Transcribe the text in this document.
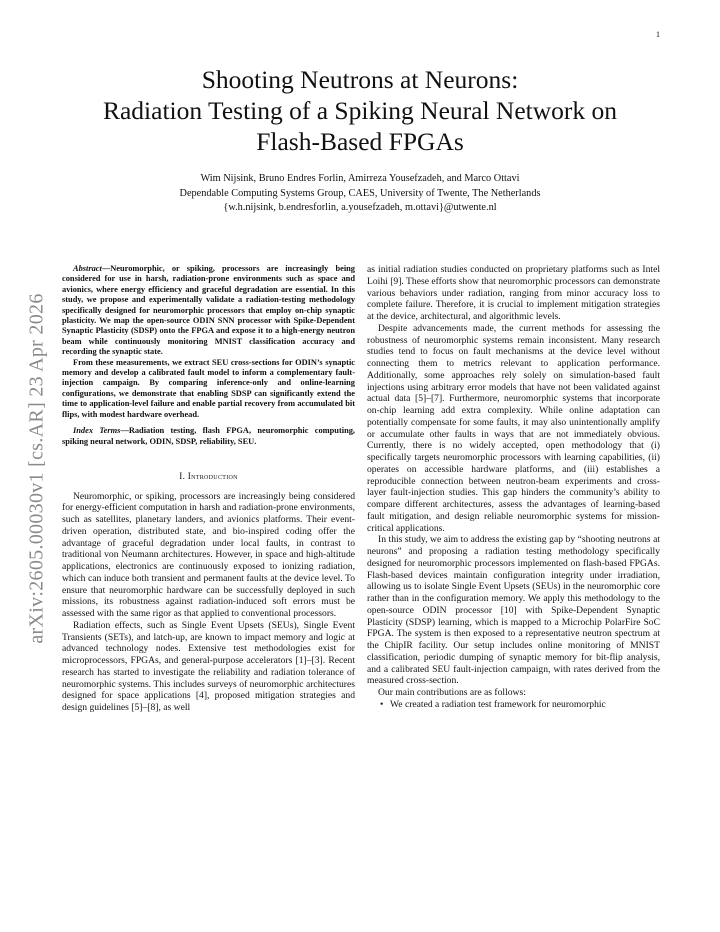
1
arXiv:2605.00030v1 [cs.AR] 23 Apr 2026
Shooting Neutrons at Neurons:
Radiation Testing of a Spiking Neural Network on
Flash-Based FPGAs
Wim Nijsink, Bruno Endres Forlin, Amirreza Yousefzadeh, and Marco Ottavi
Dependable Computing Systems Group, CAES, University of Twente, The Netherlands
{w.h.nijsink, b.endresforlin, a.yousefzadeh, m.ottavi}@utwente.nl

Abstract—Neuromorphic, or spiking, processors are increasingly being considered for use in harsh, radiation-prone environments such as space and avionics, where energy efficiency and graceful degradation are essential. In this study, we propose and experimentally validate a radiation-testing methodology specifically designed for neuromorphic processors that employ on-chip synaptic plasticity. We map the open-source ODIN SNN processor with Spike-Dependent Synaptic Plasticity (SDSP) onto the FPGA and expose it to a high-energy neutron beam while continuously monitoring MNIST classification accuracy and recording the synaptic state.

From these measurements, we extract SEU cross-sections for ODIN’s synaptic memory and develop a calibrated fault model to inform a complementary fault-injection campaign. By comparing inference-only and online-learning configurations, we demonstrate that enabling SDSP can significantly extend the time to application-level failure and enable partial recovery from accumulated bit flips, with modest hardware overhead.

Index Terms—Radiation testing, flash FPGA, neuromorphic computing, spiking neural network, ODIN, SDSP, reliability, SEU.

I. Introduction

Neuromorphic, or spiking, processors are increasingly being considered for energy-efficient computation in harsh and radiation-prone environments, such as satellites, planetary landers, and avionics platforms. Their event-driven operation, distributed state, and bio-inspired coding offer the advantage of graceful degradation under local faults, in contrast to traditional von Neumann architectures. However, in space and high-altitude applications, electronics are continuously exposed to ionizing radiation, which can induce both transient and permanent faults at the device level. To ensure that neuromorphic hardware can be successfully deployed in such missions, its robustness against radiation-induced soft errors must be assessed with the same rigor as that applied to conventional processors.

Radiation effects, such as Single Event Upsets (SEUs), Single Event Transients (SETs), and latch-up, are known to impact memory and logic at advanced technology nodes. Extensive test methodologies exist for microprocessors, FPGAs, and general-purpose accelerators [1]–[3]. Recent research has started to investigate the reliability and radiation tolerance of neuromorphic systems. This includes surveys of neuromorphic architectures designed for space applications [4], proposed mitigation strategies and design guidelines [5]–[8], as well

as initial radiation studies conducted on proprietary platforms such as Intel Loihi [9]. These efforts show that neuromorphic processors can demonstrate various behaviors under radiation, ranging from minor accuracy loss to complete failure. Therefore, it is crucial to implement mitigation strategies at the device, architectural, and algorithmic levels.

Despite advancements made, the current methods for assessing the robustness of neuromorphic systems remain inconsistent. Many research studies tend to focus on fault mechanisms at the device level without connecting them to metrics relevant to application performance. Additionally, some approaches rely solely on simulation-based fault injections using arbitrary error models that have not been validated against actual data [5]–[7]. Furthermore, neuromorphic systems that incorporate on-chip learning add extra complexity. While online adaptation can potentially compensate for some faults, it may also unintentionally amplify or accumulate other faults in ways that are not immediately obvious. Currently, there is no widely accepted, open methodology that (i) specifically targets neuromorphic processors with learning capabilities, (ii) operates on accessible hardware platforms, and (iii) establishes a reproducible connection between neutron-beam experiments and cross-layer fault-injection studies. This gap hinders the community’s ability to compare different architectures, assess the advantages of learning-based fault mitigation, and design reliable neuromorphic systems for mission-critical applications.

In this study, we aim to address the existing gap by “shooting neutrons at neurons” and proposing a radiation testing methodology specifically designed for neuromorphic processors implemented on flash-based FPGAs. Flash-based devices maintain configuration integrity under irradiation, allowing us to isolate Single Event Upsets (SEUs) in the neuromorphic core rather than in the configuration memory. We apply this methodology to the open-source ODIN processor [10] with Spike-Dependent Synaptic Plasticity (SDSP) learning, which is mapped to a Microchip PolarFire SoC FPGA. The system is then exposed to a representative neutron spectrum at the ChipIR facility. Our setup includes online monitoring of MNIST classification, periodic dumping of synaptic memory for bit-flip analysis, and a calibrated SEU fault-injection campaign, with rates derived from the measured cross-section.

Our main contributions are as follows:

• We created a radiation test framework for neuromorphic
